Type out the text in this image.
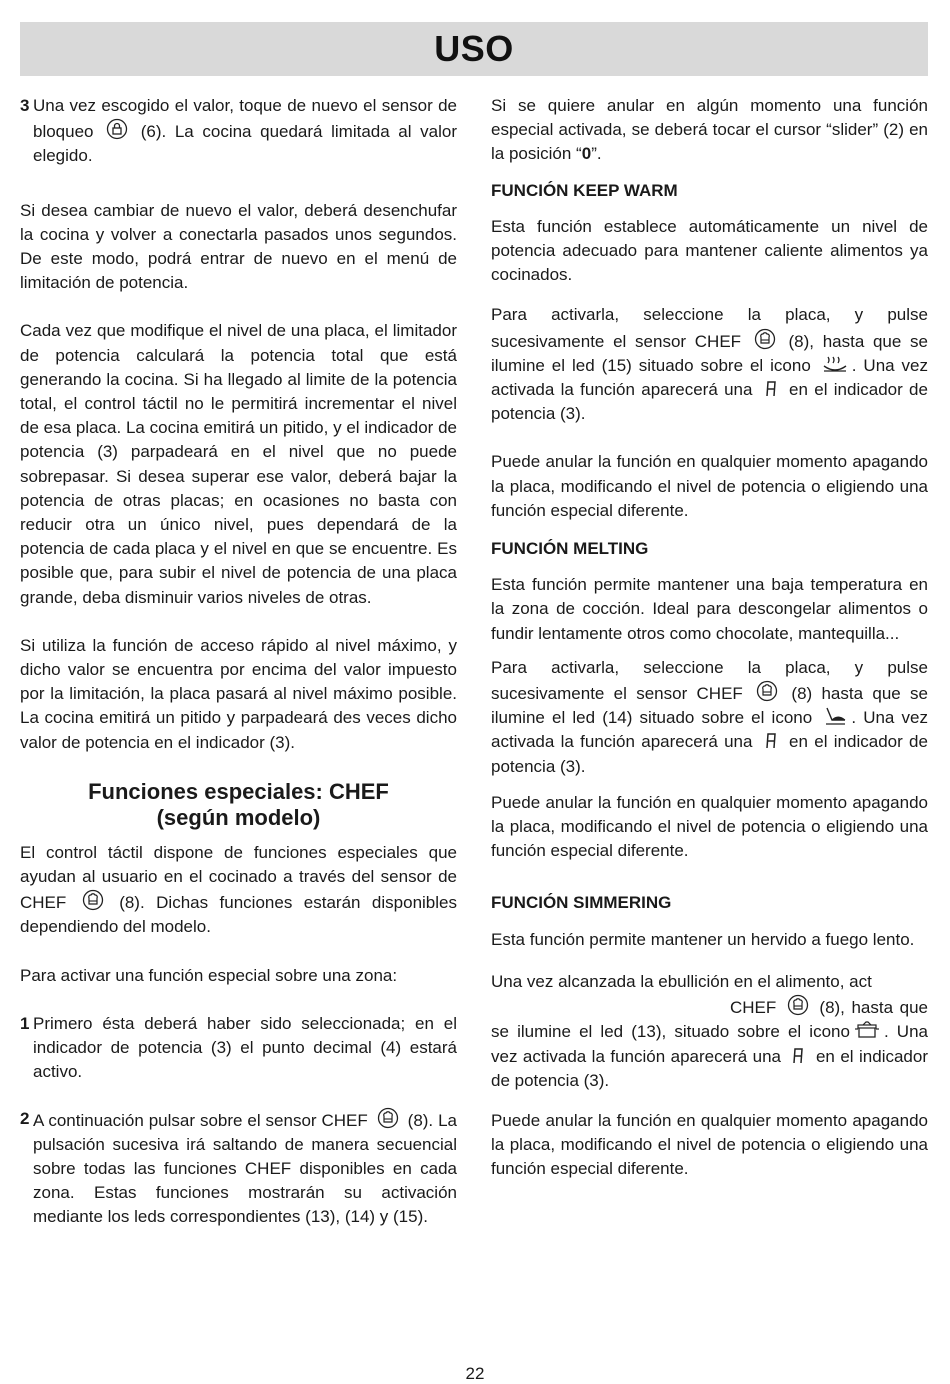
USO
3 Una vez escogido el valor, toque de nuevo el sensor de bloqueo	(6). La cocina quedará limitada al valor elegido.

Si desea cambiar de nuevo el valor, deberá desenchufar la cocina y volver a conectarla pasados unos segundos. De este modo, podrá entrar de nuevo en el menú de limitación de potencia.

Cada vez que modifique el nivel de una placa, el limitador de potencia calculará la potencia total que está generando la cocina. Si ha llegado al limite de la potencia total, el control táctil no le permitirá incrementar el nivel de esa placa. La cocina emitirá un pitido, y el indicador de potencia (3) parpadeará en el nivel que no puede sobrepasar. Si desea superar ese valor, deberá bajar la potencia de otras placas; en ocasiones no basta con reducir otra un único nivel, pues dependará de la potencia de cada placa y el nivel en que se encuentre. Es posible que, para subir el nivel de potencia de una placa grande, deba disminuir varios niveles de otras.

Si utiliza la función de acceso rápido al nivel máximo, y dicho valor se encuentra por encima del valor impuesto por la limitación, la placa pasará al nivel máximo posible. La cocina emitirá un pitido y parpadeará des veces dicho valor de potencia en el indicador (3).

Funciones especiales: CHEF
(según modelo)

El control táctil dispone de funciones especiales que ayudan al usuario en el cocinado a través del sensor de CHEF	(8). Dichas funciones estarán disponibles dependiendo del modelo.

Para activar una función especial sobre una zona:

1 Primero ésta deberá haber sido seleccionada; en el indicador de potencia (3) el punto decimal (4) estará activo.
2 A continuación pulsar sobre el sensor CHEF (8). La pulsación sucesiva irá saltando de manera secuencial sobre todas las funciones CHEF disponibles en cada zona. Estas funciones mostrarán su activación mediante los leds correspondientes (13), (14) y (15).

Si se quiere anular en algún momento una función especial activada, se deberá tocar el cursor “slider” (2) en la posición “0”.

FUNCIÓN KEEP WARM

Esta función establece automáticamente un nivel de potencia adecuado para mantener caliente alimentos ya cocinados.

Para activarla, seleccione la placa, y pulse sucesivamente el sensor CHEF	(8), hasta que se ilumine el led (15) situado sobre el icono . Una vez activada la función aparecerá una en el indicador de potencia (3).

Puede anular la función en qualquier momento apagando la placa, modificando el nivel de potencia o eligiendo una función especial diferente.

FUNCIÓN MELTING

Esta función permite mantener una baja temperatura en la zona de cocción. Ideal para descongelar alimentos o fundir lentamente otros como chocolate, mantequilla...

Para activarla, seleccione la placa, y pulse sucesivamente el sensor CHEF	(8) hasta que se ilumine el led (14) situado sobre el icono . Una vez activada la función aparecerá una en el indicador de potencia (3).

Puede anular la función en qualquier momento apagando la placa, modificando el nivel de potencia o eligiendo una función especial diferente.

FUNCIÓN SIMMERING

Esta función permite mantener un hervido a fuego lento.

Una vez alcanzada la ebullición en el alimento, act
CHEF	(8), hasta que se ilumine el led (13), situado sobre el icono . Una vez activada la función aparecerá una en el indicador de potencia (3).

Puede anular la función en qualquier momento apagando la placa, modificando el nivel de potencia o eligiendo una función especial diferente.

22
